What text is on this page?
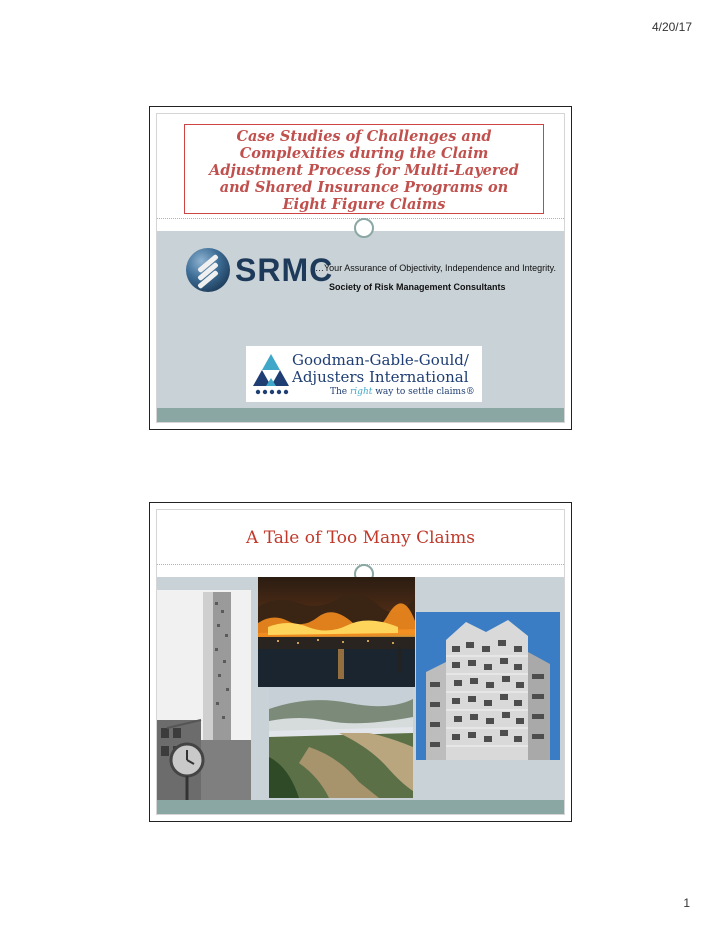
4/20/17
Case Studies of Challenges and
Complexities during the Claim
Adjustment Process for Multi-Layered
and Shared Insurance Programs on
Eight Figure Claims
SRMC
…Your Assurance of Objectivity, Independence and Integrity.
Society of Risk Management Consultants
Goodman-Gable-Gould/
Adjusters International
The right way to settle claims®
A Tale of Too Many Claims
1
